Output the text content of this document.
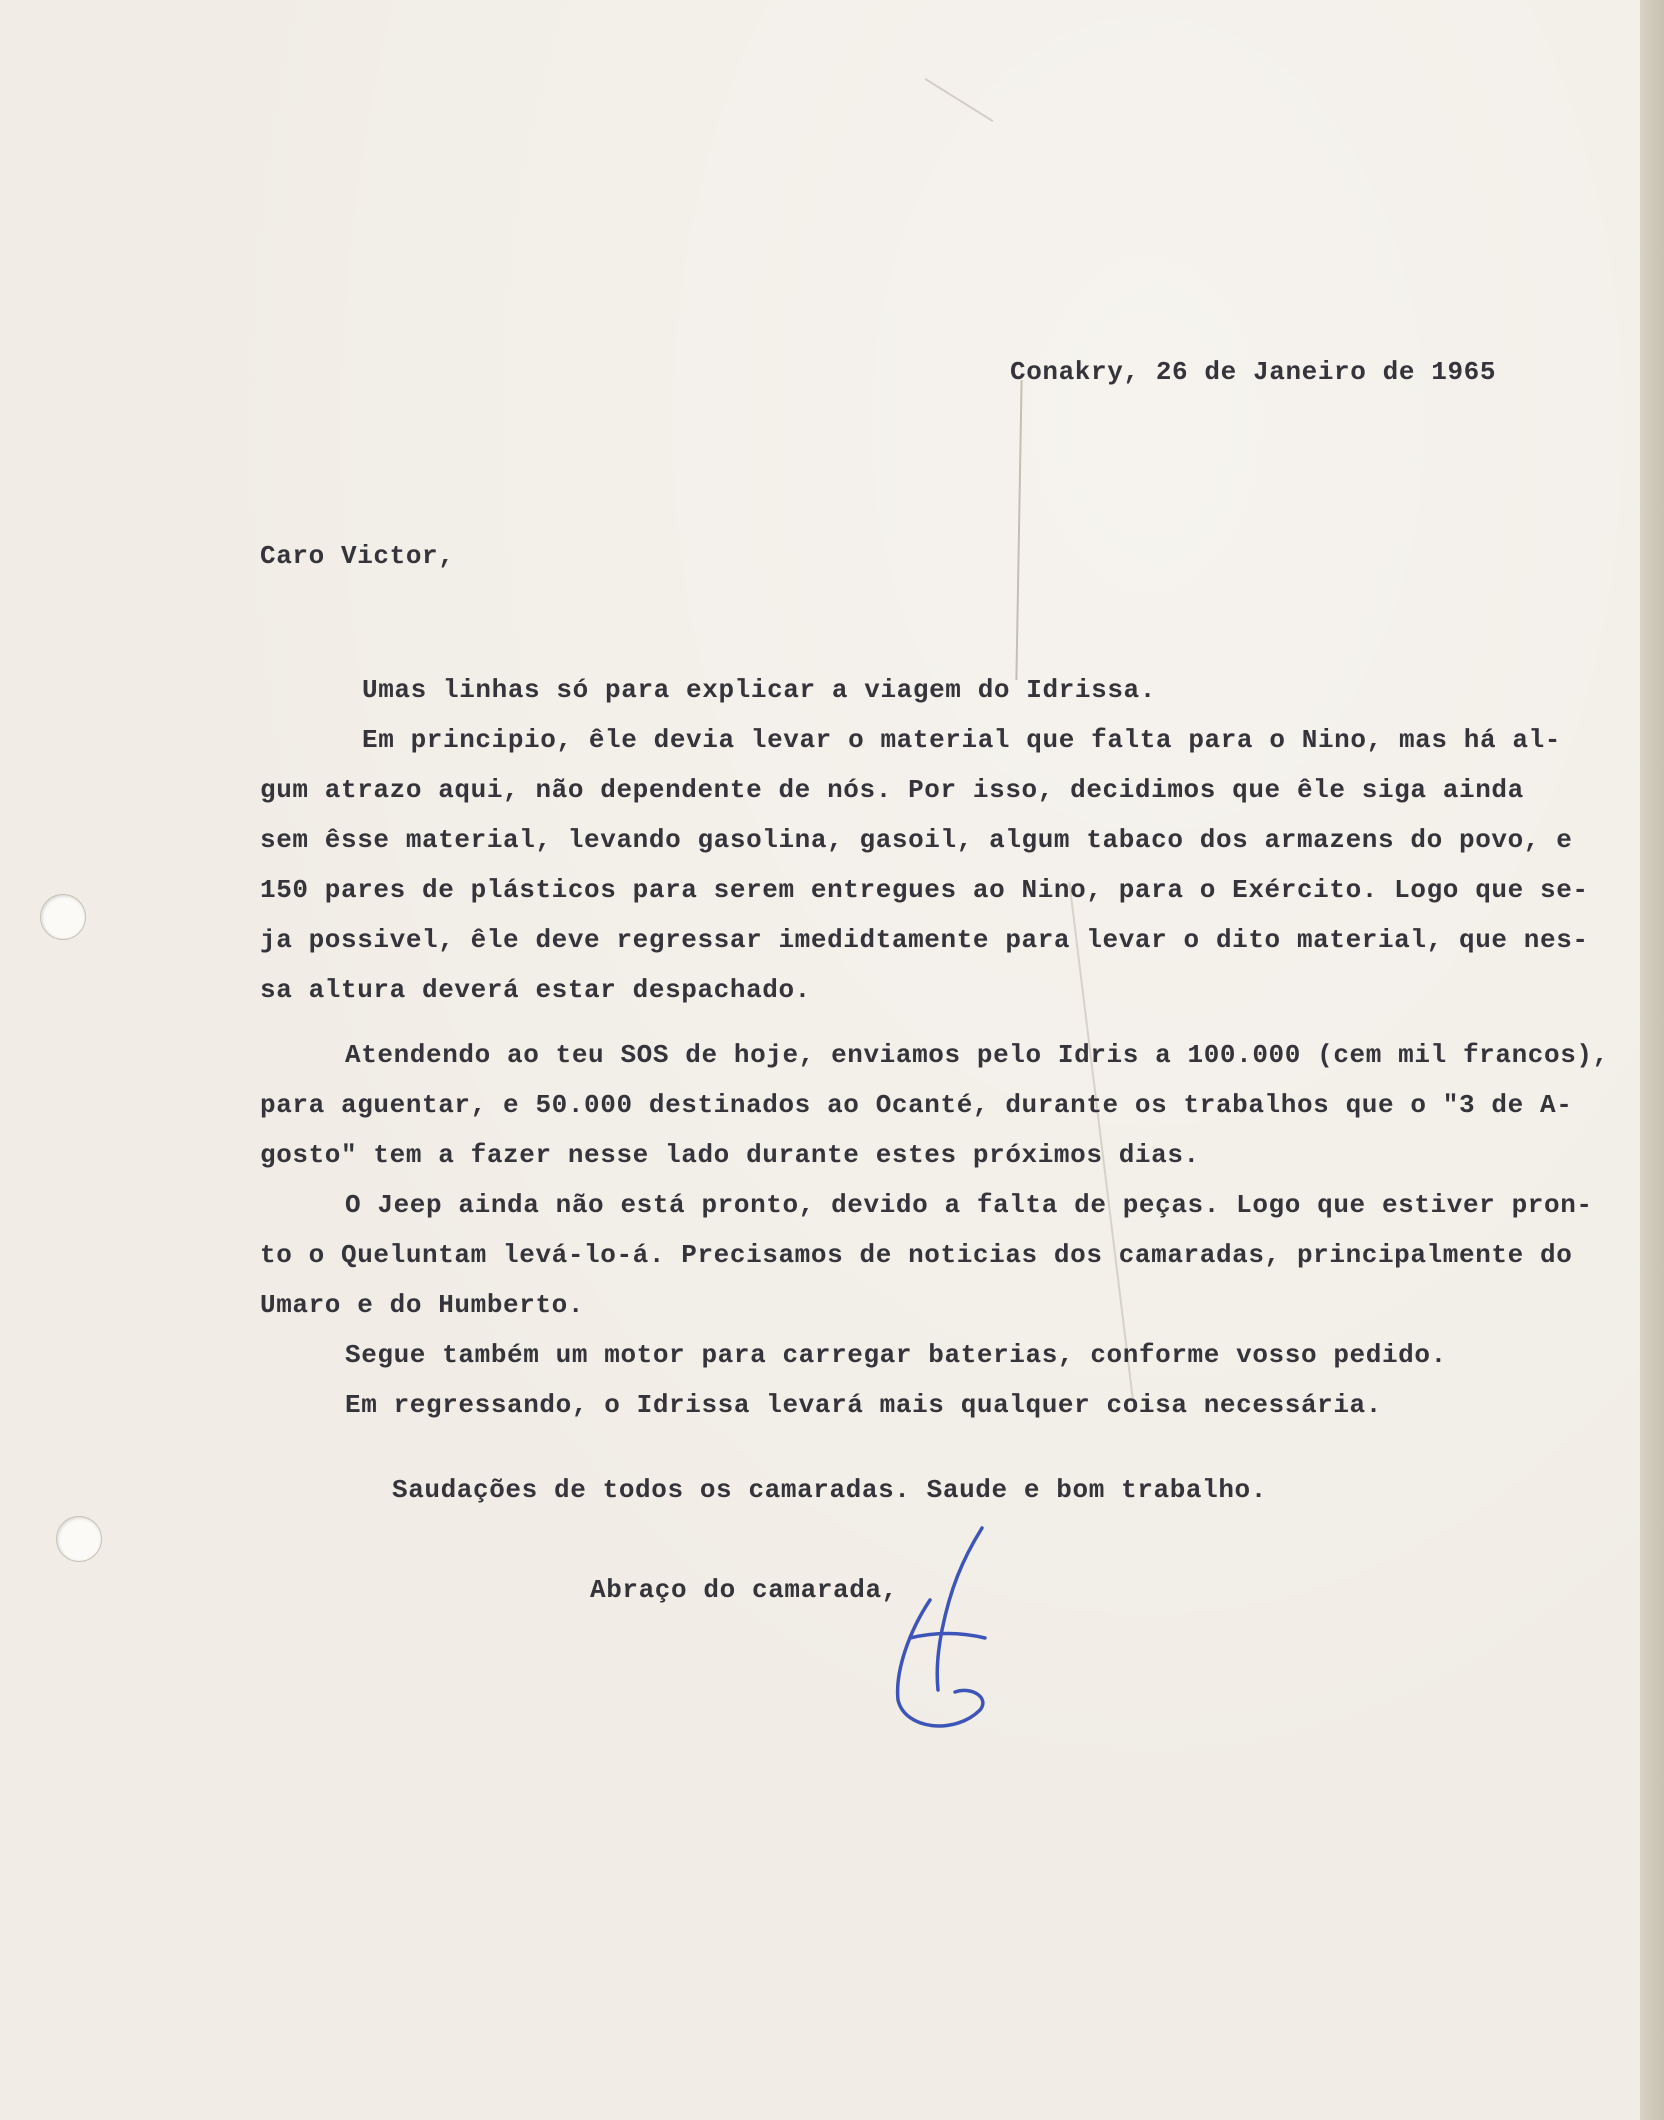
Conakry, 26 de Janeiro de 1965
Caro Victor,
Umas linhas só para explicar a viagem do Idrissa.
Em principio, êle devia levar o material que falta para o Nino, mas há al-
gum atrazo aqui, não dependente de nós. Por isso, decidimos que êle siga ainda
sem êsse material, levando gasolina, gasoil, algum tabaco dos armazens do povo, e
150 pares de plásticos para serem entregues ao Nino, para o Exército. Logo que se-
ja possivel, êle deve regressar imedidtamente para levar o dito material, que nes-
sa altura deverá estar despachado.
Atendendo ao teu SOS de hoje, enviamos pelo Idris a 100.000 (cem mil francos),
para aguentar, e 50.000 destinados ao Ocanté, durante os trabalhos que o "3 de A-
gosto" tem a fazer nesse lado durante estes próximos dias.
O Jeep ainda não está pronto, devido a falta de peças. Logo que estiver pron-
to o Queluntam levá-lo-á. Precisamos de noticias dos camaradas, principalmente do
Umaro e do Humberto.
Segue também um motor para carregar baterias, conforme vosso pedido.
Em regressando, o Idrissa levará mais qualquer coisa necessária.
Saudações de todos os camaradas. Saude e bom trabalho.
Abraço do camarada,
